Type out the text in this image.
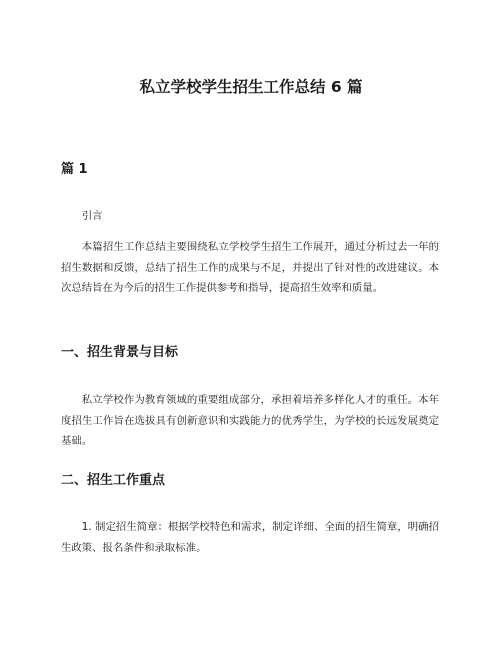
私立学校学生招生工作总结 6 篇
篇 1

引言

本篇招生工作总结主要围绕私立学校学生招生工作展开，通过分析过去一年的招生数据和反馈，总结了招生工作的成果与不足，并提出了针对性的改进建议。本次总结旨在为今后的招生工作提供参考和指导，提高招生效率和质量。

一、招生背景与目标

私立学校作为教育领域的重要组成部分，承担着培养多样化人才的重任。本年度招生工作旨在选拔具有创新意识和实践能力的优秀学生，为学校的长远发展奠定基础。

二、招生工作重点

1. 制定招生简章：根据学校特色和需求，制定详细、全面的招生简章，明确招生政策、报名条件和录取标准。
